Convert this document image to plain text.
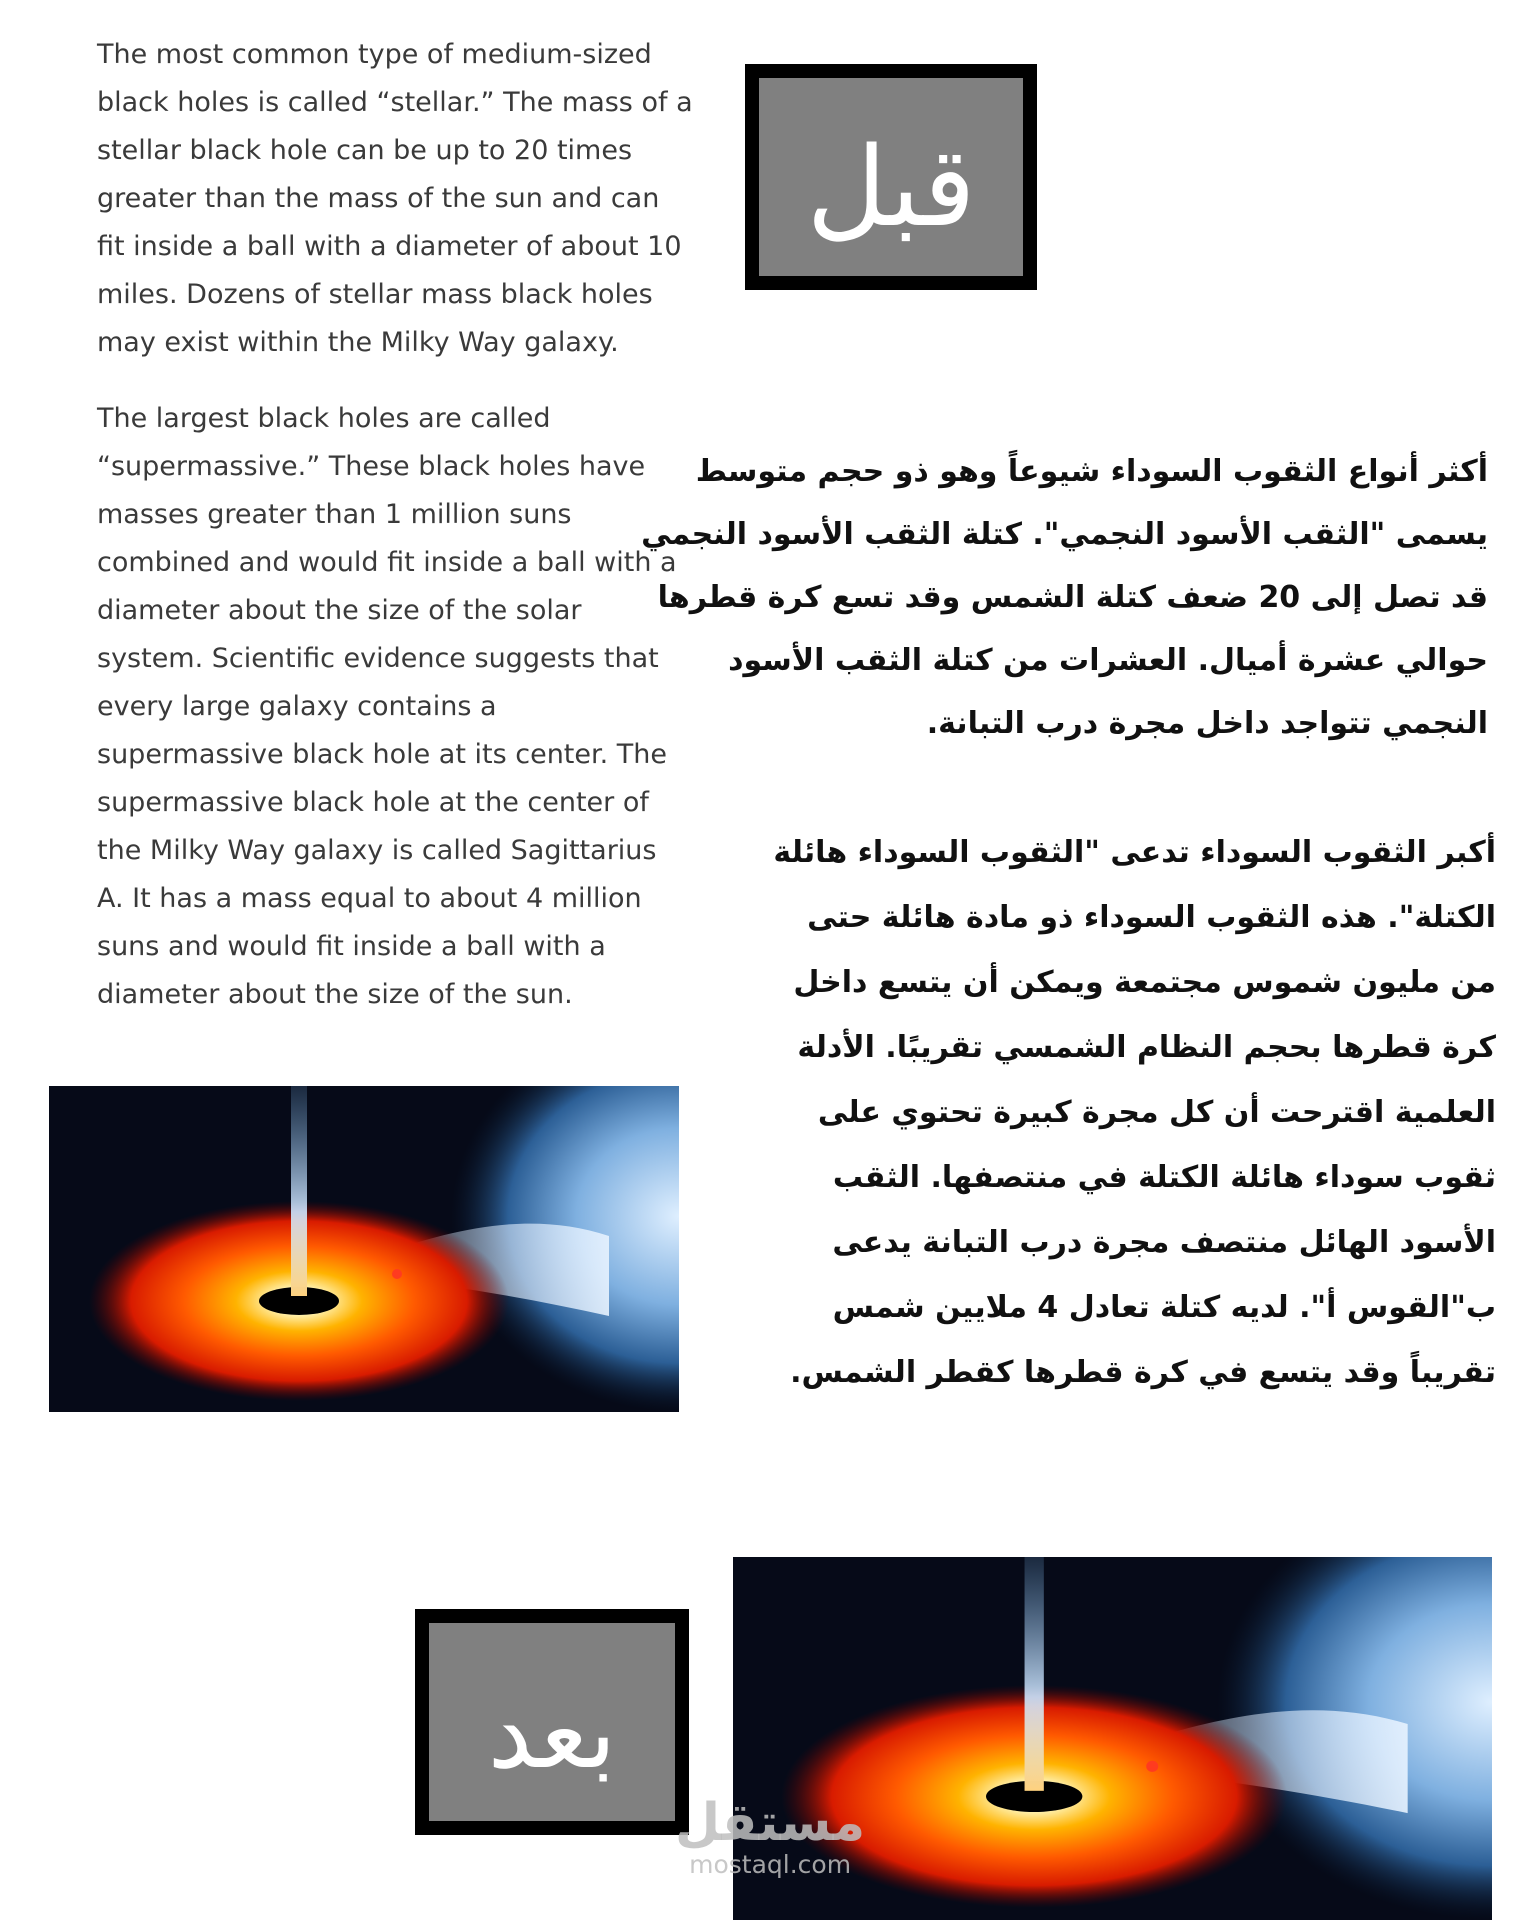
The most common type of medium-sized
black holes is called “stellar.” The mass of a
stellar black hole can be up to 20 times
greater than the mass of the sun and can
fit inside a ball with a diameter of about 10
miles. Dozens of stellar mass black holes
may exist within the Milky Way galaxy.
The largest black holes are called
“supermassive.” These black holes have
masses greater than 1 million suns
combined and would fit inside a ball with a
diameter about the size of the solar
system. Scientific evidence suggests that
every large galaxy contains a
supermassive black hole at its center. The
supermassive black hole at the center of
the Milky Way galaxy is called Sagittarius
A. It has a mass equal to about 4 million
suns and would fit inside a ball with a
diameter about the size of the sun.
قبل
أكثر أنواع الثقوب السوداء شيوعاً وهو ذو حجم متوسط
يسمى "الثقب الأسود النجمي". كتلة الثقب الأسود النجمي
قد تصل إلى 20 ضعف كتلة الشمس وقد تسع كرة قطرها
حوالي عشرة أميال. العشرات من كتلة الثقب الأسود
النجمي تتواجد داخل مجرة درب التبانة.
أكبر الثقوب السوداء تدعى "الثقوب السوداء هائلة
الكتلة". هذه الثقوب السوداء ذو مادة هائلة حتى
من مليون شموس مجتمعة ويمكن أن يتسع داخل
كرة قطرها بحجم النظام الشمسي تقريبًا. الأدلة
العلمية اقترحت أن كل مجرة كبيرة تحتوي على
ثقوب سوداء هائلة الكتلة في منتصفها. الثقب
الأسود الهائل منتصف مجرة درب التبانة يدعى
ب"القوس أ". لديه كتلة تعادل 4 ملايين شمس
تقريباً وقد يتسع في كرة قطرها كقطر الشمس.
بعد
مستقل
mostaql.com
